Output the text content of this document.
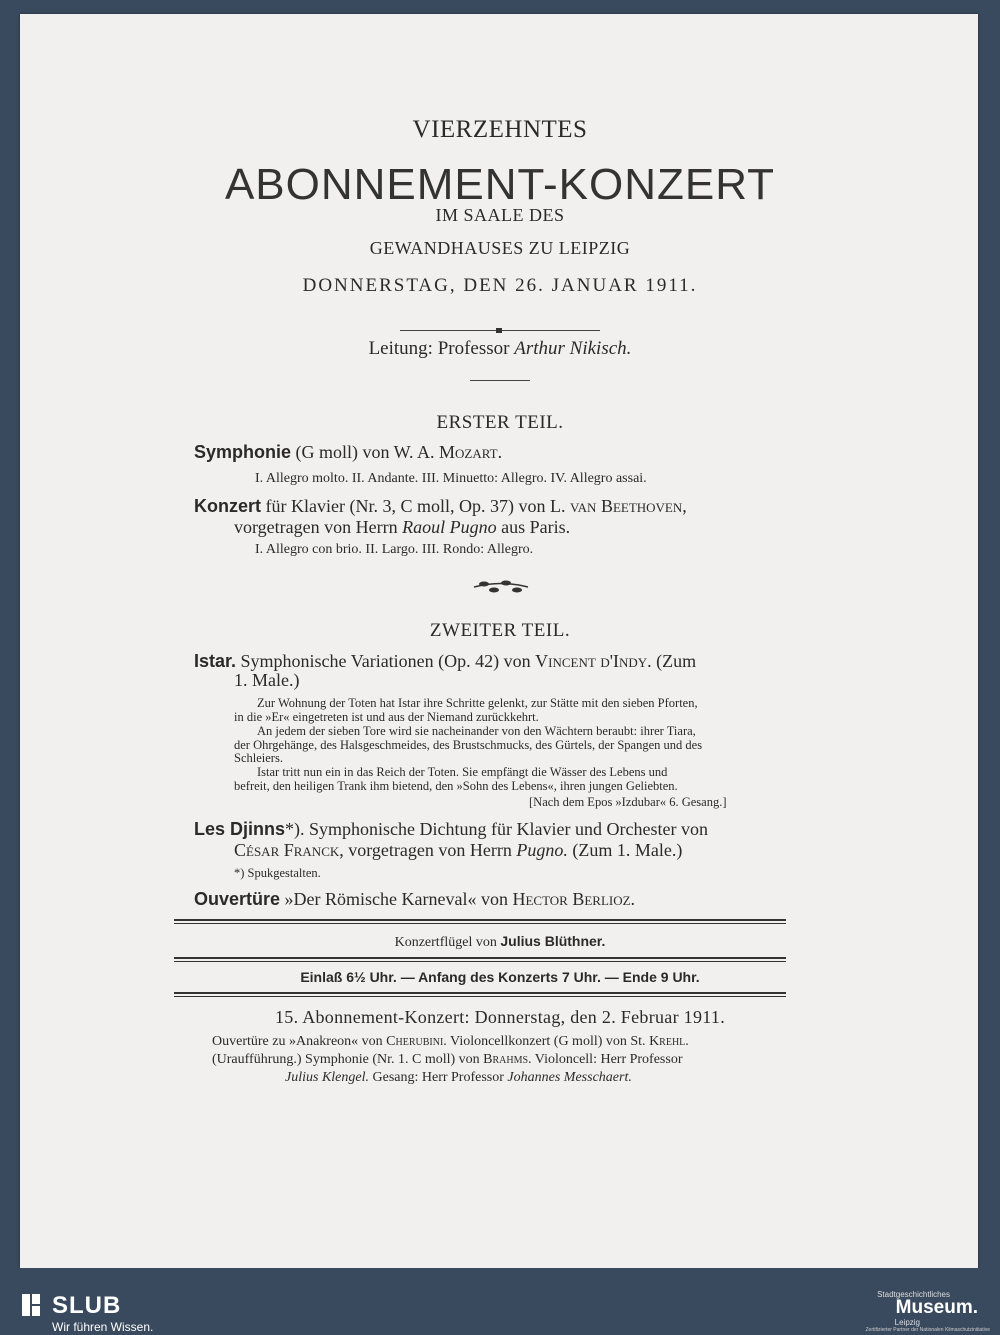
VIERZEHNTES
ABONNEMENT-KONZERT
IM SAALE DES
GEWANDHAUSES ZU LEIPZIG
DONNERSTAG, DEN 26. JANUAR 1911.
Leitung: Professor Arthur Nikisch.
ERSTER TEIL.
Symphonie (G moll) von W. A. Mozart.
I. Allegro molto. II. Andante. III. Minuetto: Allegro. IV. Allegro assai.
Konzert für Klavier (Nr. 3, C moll, Op. 37) von L. van Beethoven,
vorgetragen von Herrn Raoul Pugno aus Paris.
I. Allegro con brio. II. Largo. III. Rondo: Allegro.
ZWEITER TEIL.
Istar. Symphonische Variationen (Op. 42) von Vincent d'Indy. (Zum
1. Male.)
Zur Wohnung der Toten hat Istar ihre Schritte gelenkt, zur Stätte mit den sieben Pforten,
in die »Er« eingetreten ist und aus der Niemand zurückkehrt.
An jedem der sieben Tore wird sie nacheinander von den Wächtern beraubt: ihrer Tiara,
der Ohrgehänge, des Halsgeschmeides, des Brustschmucks, des Gürtels, der Spangen und des
Schleiers.
Istar tritt nun ein in das Reich der Toten. Sie empfängt die Wässer des Lebens und
befreit, den heiligen Trank ihm bietend, den »Sohn des Lebens«, ihren jungen Geliebten.
[Nach dem Epos »Izdubar« 6. Gesang.]
Les Djinns*). Symphonische Dichtung für Klavier und Orchester von
César Franck, vorgetragen von Herrn Pugno. (Zum 1. Male.)
*) Spukgestalten.
Ouvertüre »Der Römische Karneval« von Hector Berlioz.
Konzertflügel von Julius Blüthner.
Einlaß 6½ Uhr. — Anfang des Konzerts 7 Uhr. — Ende 9 Uhr.
15. Abonnement-Konzert: Donnerstag, den 2. Februar 1911.
Ouvertüre zu »Anakreon« von Cherubini. Violoncellkonzert (G moll) von St. Krehl.
(Uraufführung.) Symphonie (Nr. 1. C moll) von Brahms. Violoncell: Herr Professor
Julius Klengel. Gesang: Herr Professor Johannes Messchaert.
SLUB
Wir führen Wissen.
Stadtgeschichtliches
Museum.
Leipzig
Zertifizierter Partner der Nationalen Klimaschutzinitiative
